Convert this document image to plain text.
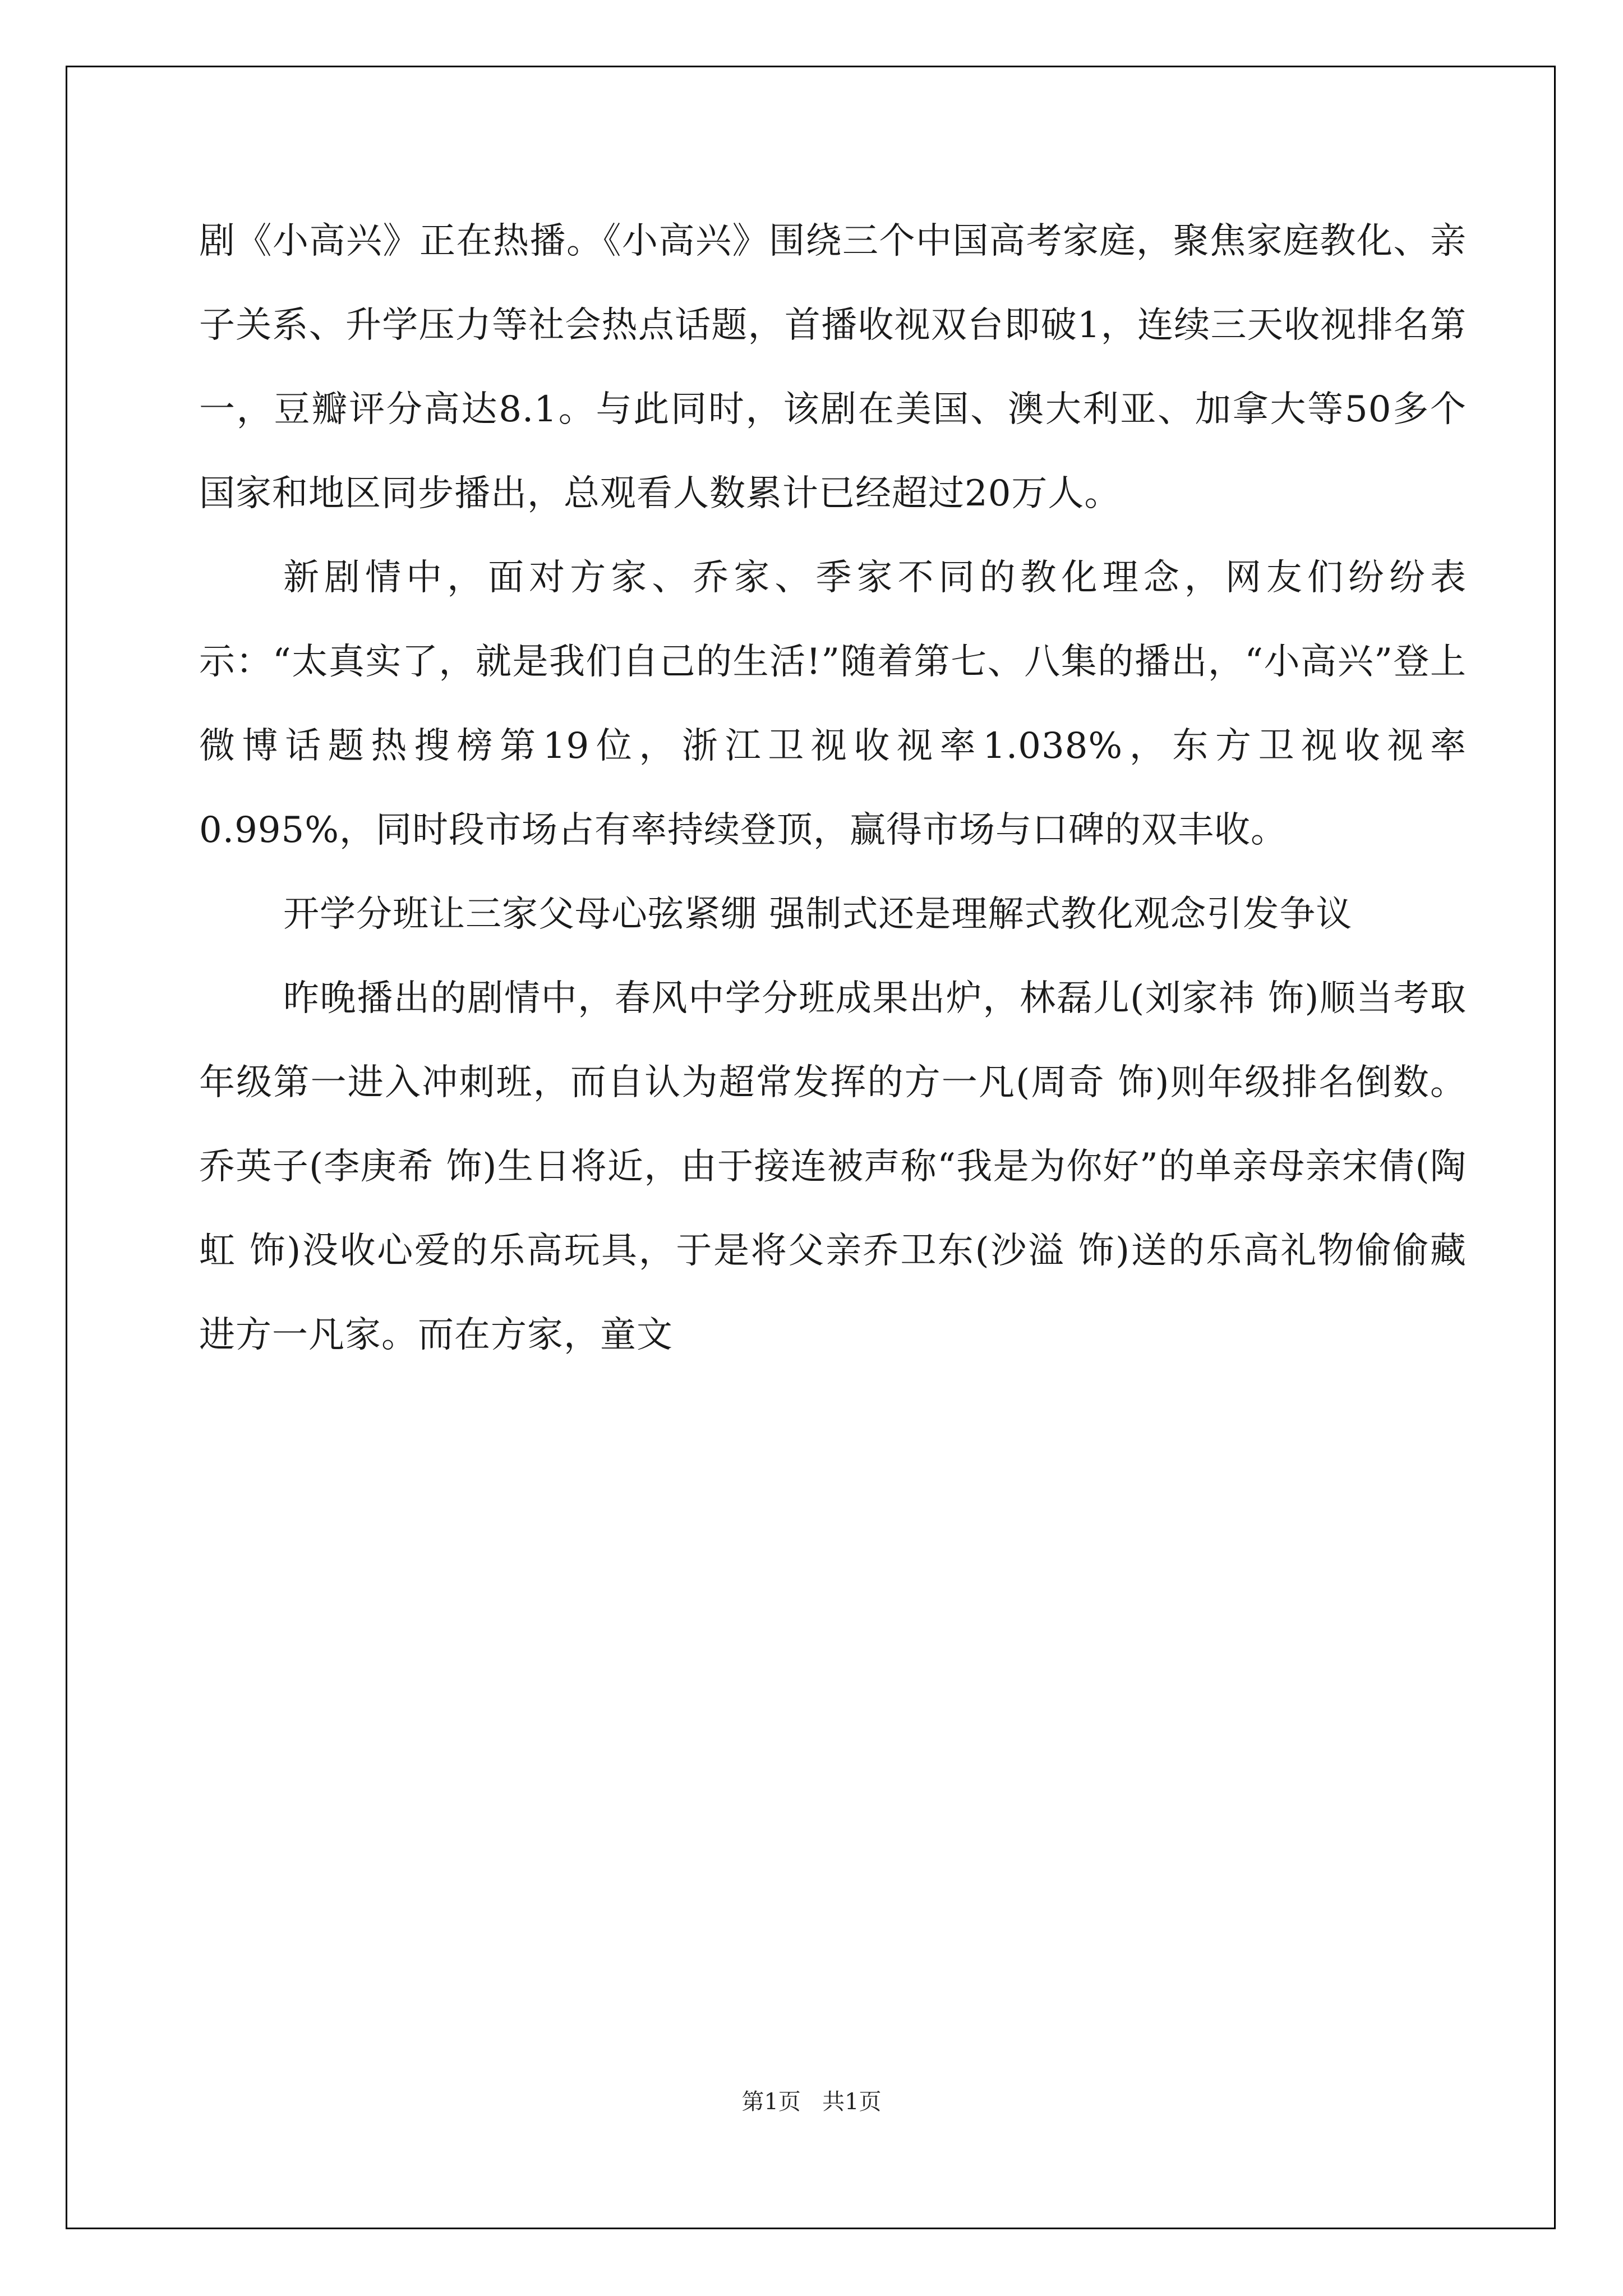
剧《小高兴》正在热播。《小高兴》围绕三个中国高考家庭，聚焦家庭教化、亲子关系、升学压力等社会热点话题，首播收视双台即破1，连续三天收视排名第一，豆瓣评分高达8.1。与此同时，该剧在美国、澳大利亚、加拿大等50多个国家和地区同步播出，总观看人数累计已经超过20万人。

新剧情中，面对方家、乔家、季家不同的教化理念，网友们纷纷表示：“太真实了，就是我们自己的生活!”随着第七、八集的播出，“小高兴”登上微博话题热搜榜第19位，浙江卫视收视率1.038%，东方卫视收视率0.995%，同时段市场占有率持续登顶，赢得市场与口碑的双丰收。

开学分班让三家父母心弦紧绷 强制式还是理解式教化观念引发争议

昨晚播出的剧情中，春风中学分班成果出炉，林磊儿(刘家祎 饰)顺当考取年级第一进入冲刺班，而自认为超常发挥的方一凡(周奇 饰)则年级排名倒数。乔英子(李庚希 饰)生日将近，由于接连被声称“我是为你好”的单亲母亲宋倩(陶虹 饰)没收心爱的乐高玩具，于是将父亲乔卫东(沙溢 饰)送的乐高礼物偷偷藏进方一凡家。而在方家，童文

第1页 共1页
